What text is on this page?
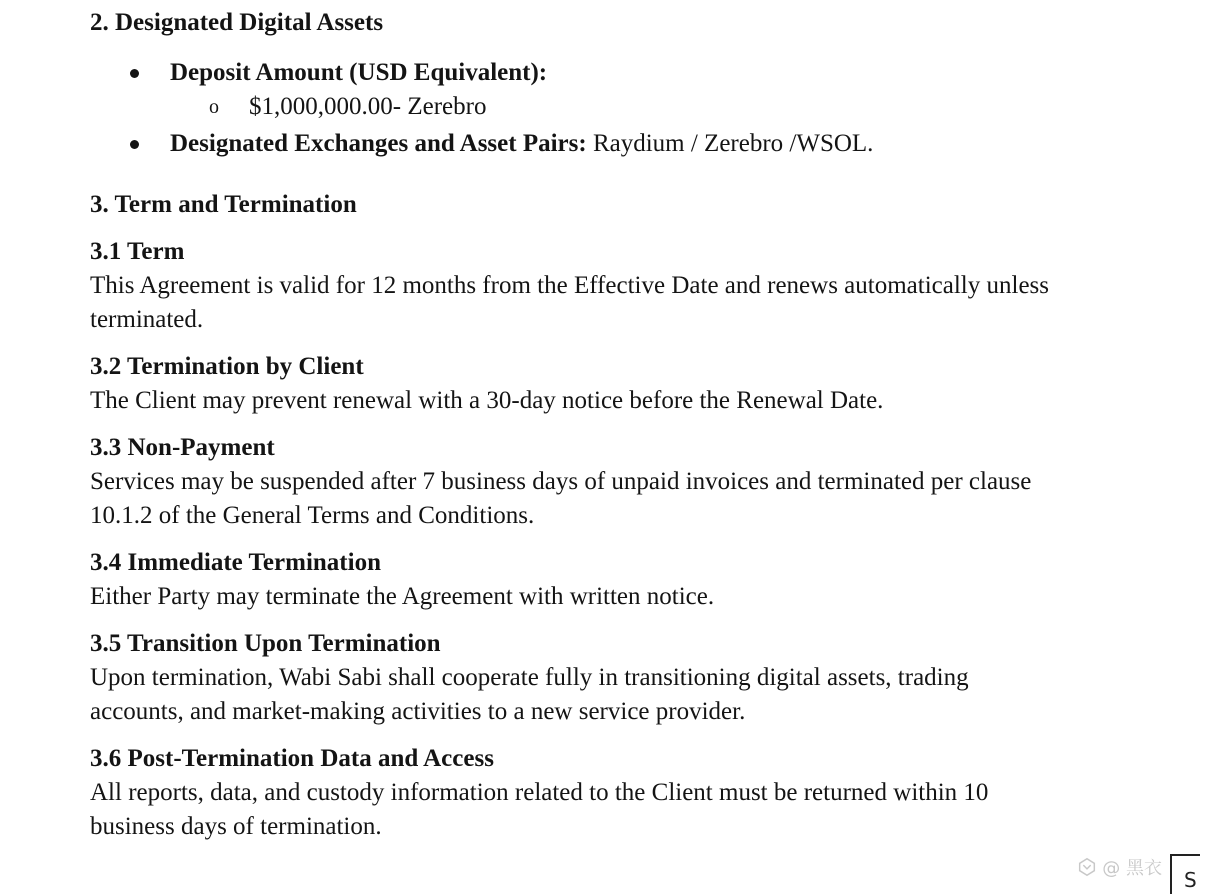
2. Designated Digital Assets
Deposit Amount (USD Equivalent):
o $1,000,000.00- Zerebro
Designated Exchanges and Asset Pairs: Raydium / Zerebro /WSOL.
3. Term and Termination
3.1 Term
This Agreement is valid for 12 months from the Effective Date and renews automatically unless terminated.
3.2 Termination by Client
The Client may prevent renewal with a 30-day notice before the Renewal Date.
3.3 Non-Payment
Services may be suspended after 7 business days of unpaid invoices and terminated per clause 10.1.2 of the General Terms and Conditions.
3.4 Immediate Termination
Either Party may terminate the Agreement with written notice.
3.5 Transition Upon Termination
Upon termination, Wabi Sabi shall cooperate fully in transitioning digital assets, trading accounts, and market-making activities to a new service provider.
3.6 Post-Termination Data and Access
All reports, data, and custody information related to the Client must be returned within 10 business days of termination.
@ 黑衣 S
